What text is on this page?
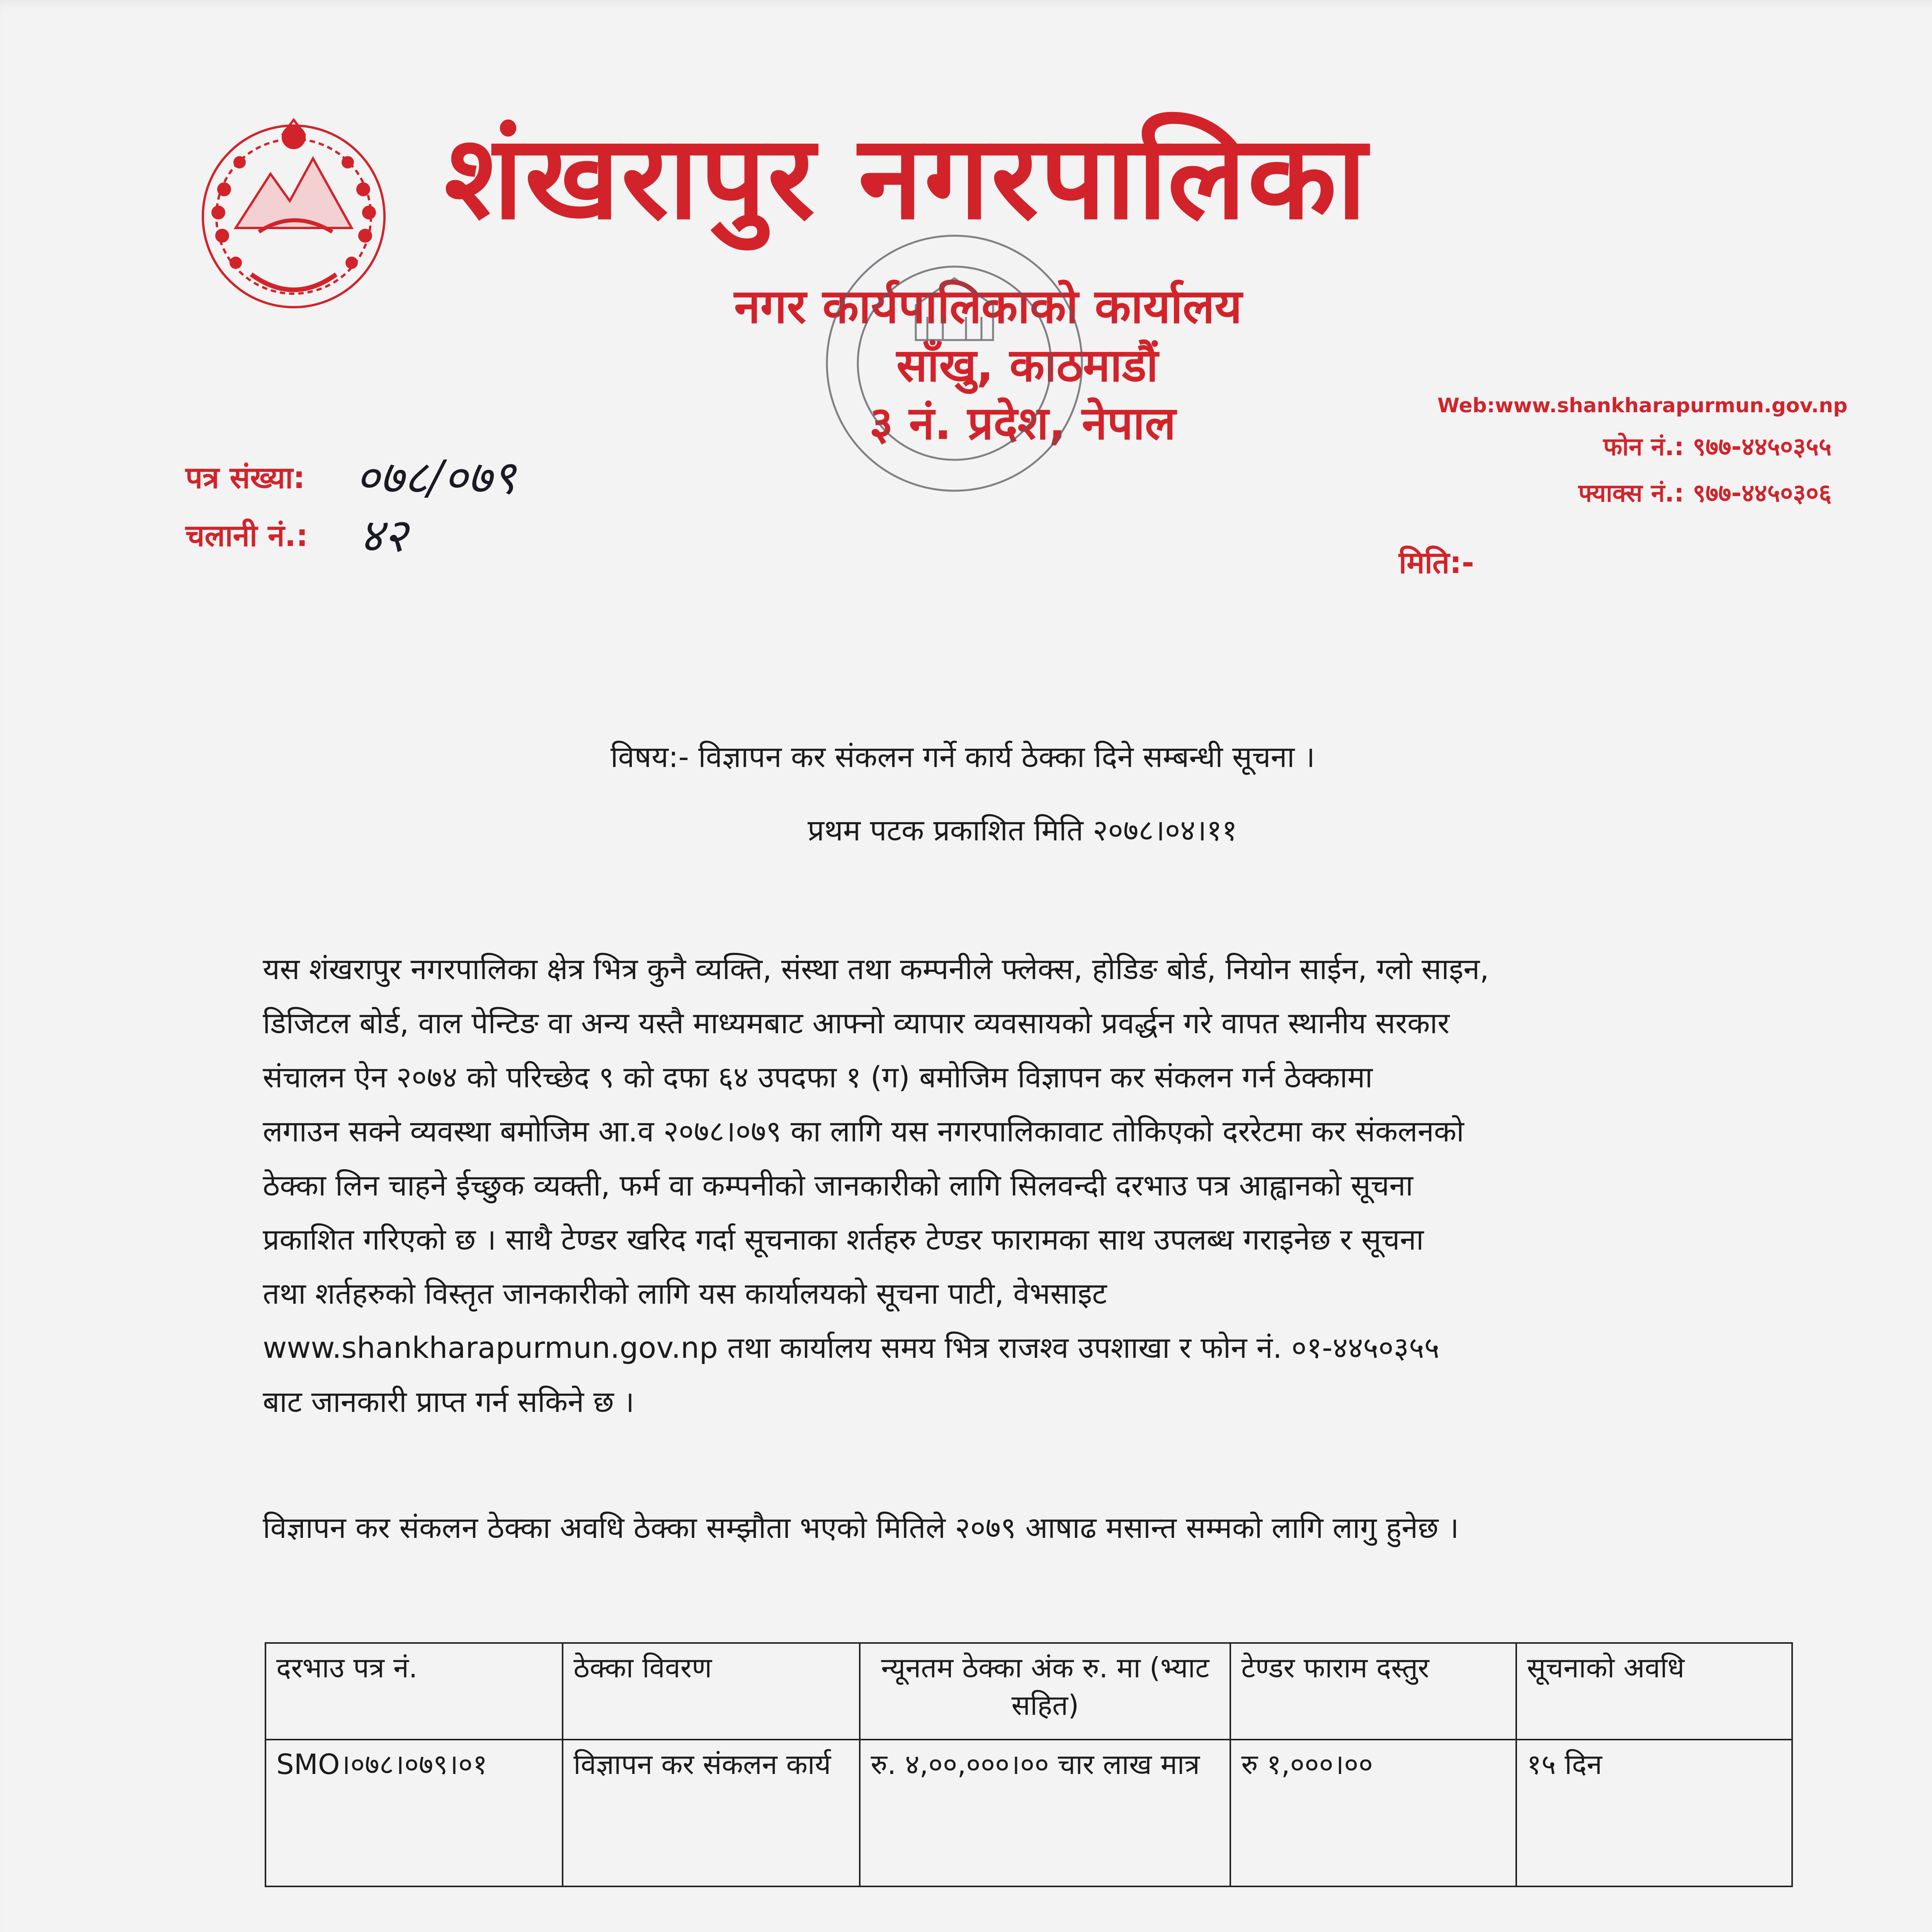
शंखरापुर नगरपालिका
नगर कार्यपालिकाको कार्यालय
साँखु, काठमाडौं
३ नं. प्रदेश, नेपाल	Web:www.shankharapurmun.gov.np
फोन नं.: ९७७-४४५०३५५
फ्याक्स नं.: ९७७-४४५०३०६
पत्र संख्या: ०७८/०७९
चलानी नं.: ४२
मिति:-
विषय:- विज्ञापन कर संकलन गर्ने कार्य ठेक्का दिने सम्बन्धी सूचना ।
प्रथम पटक प्रकाशित मिति २०७८।०४।११
यस शंखरापुर नगरपालिका क्षेत्र भित्र कुनै व्यक्ति, संस्था तथा कम्पनीले फ्लेक्स, होडिङ बोर्ड, नियोन साईन, ग्लो साइन,
डिजिटल बोर्ड, वाल पेन्टिङ वा अन्य यस्तै माध्यमबाट आफ्नो व्यापार व्यवसायको प्रवर्द्धन गरे वापत स्थानीय सरकार
संचालन ऐन २०७४ को परिच्छेद ९ को दफा ६४ उपदफा १ (ग) बमोजिम विज्ञापन कर संकलन गर्न ठेक्कामा
लगाउन सक्ने व्यवस्था बमोजिम आ.व २०७८।०७९ का लागि यस नगरपालिकावाट तोकिएको दररेटमा कर संकलनको
ठेक्का लिन चाहने ईच्छुक व्यक्ती, फर्म वा कम्पनीको जानकारीको लागि सिलवन्दी दरभाउ पत्र आह्वानको सूचना
प्रकाशित गरिएको छ । साथै टेण्डर खरिद गर्दा सूचनाका शर्तहरु टेण्डर फारामका साथ उपलब्ध गराइनेछ र सूचना
तथा शर्तहरुको विस्तृत जानकारीको लागि यस कार्यालयको सूचना पाटी, वेभसाइट
www.shankharapurmun.gov.np तथा कार्यालय समय भित्र राजश्व उपशाखा र फोन नं. ०१-४४५०३५५
बाट जानकारी प्राप्त गर्न सकिने छ ।
विज्ञापन कर संकलन ठेक्का अवधि ठेक्का सम्झौता भएको मितिले २०७९ आषाढ मसान्त सम्मको लागि लागु हुनेछ ।
दरभाउ पत्र नं.	ठेक्का विवरण	न्यूनतम ठेक्का अंक रु. मा (भ्याट सहित)	टेण्डर फाराम दस्तुर	सूचनाको अवधि
SMO।०७८।०७९।०१	विज्ञापन कर संकलन कार्य	रु. ४,००,०००।०० चार लाख मात्र	रु १,०००।००	१५ दिन
